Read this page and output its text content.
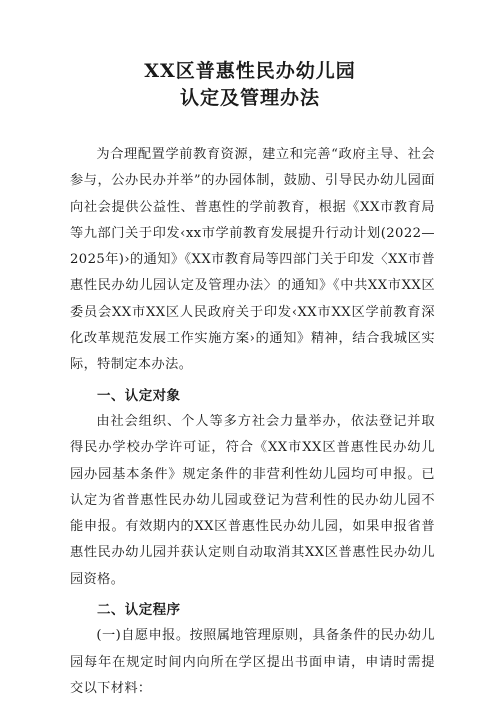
XX区普惠性民办幼儿园
认定及管理办法

为合理配置学前教育资源，建立和完善“政府主导、社会参与，公办民办并举”的办园体制，鼓励、引导民办幼儿园面向社会提供公益性、普惠性的学前教育，根据《XX市教育局等九部门关于印发‹xx市学前教育发展提升行动计划(2022—2025年)›的通知》《XX市教育局等四部门关于印发〈XX市普惠性民办幼儿园认定及管理办法〉的通知》《中共XX市XX区委员会XX市XX区人民政府关于印发‹XX市XX区学前教育深化改革规范发展工作实施方案›的通知》精神，结合我城区实际，特制定本办法。

一、认定对象

由社会组织、个人等多方社会力量举办，依法登记并取得民办学校办学许可证，符合《XX市XX区普惠性民办幼儿园办园基本条件》规定条件的非营利性幼儿园均可申报。已认定为省普惠性民办幼儿园或登记为营利性的民办幼儿园不能申报。有效期内的XX区普惠性民办幼儿园，如果申报省普惠性民办幼儿园并获认定则自动取消其XX区普惠性民办幼儿园资格。

二、认定程序

(一)自愿申报。按照属地管理原则，具备条件的民办幼儿园每年在规定时间内向所在学区提出书面申请，申请时需提交以下材料：
